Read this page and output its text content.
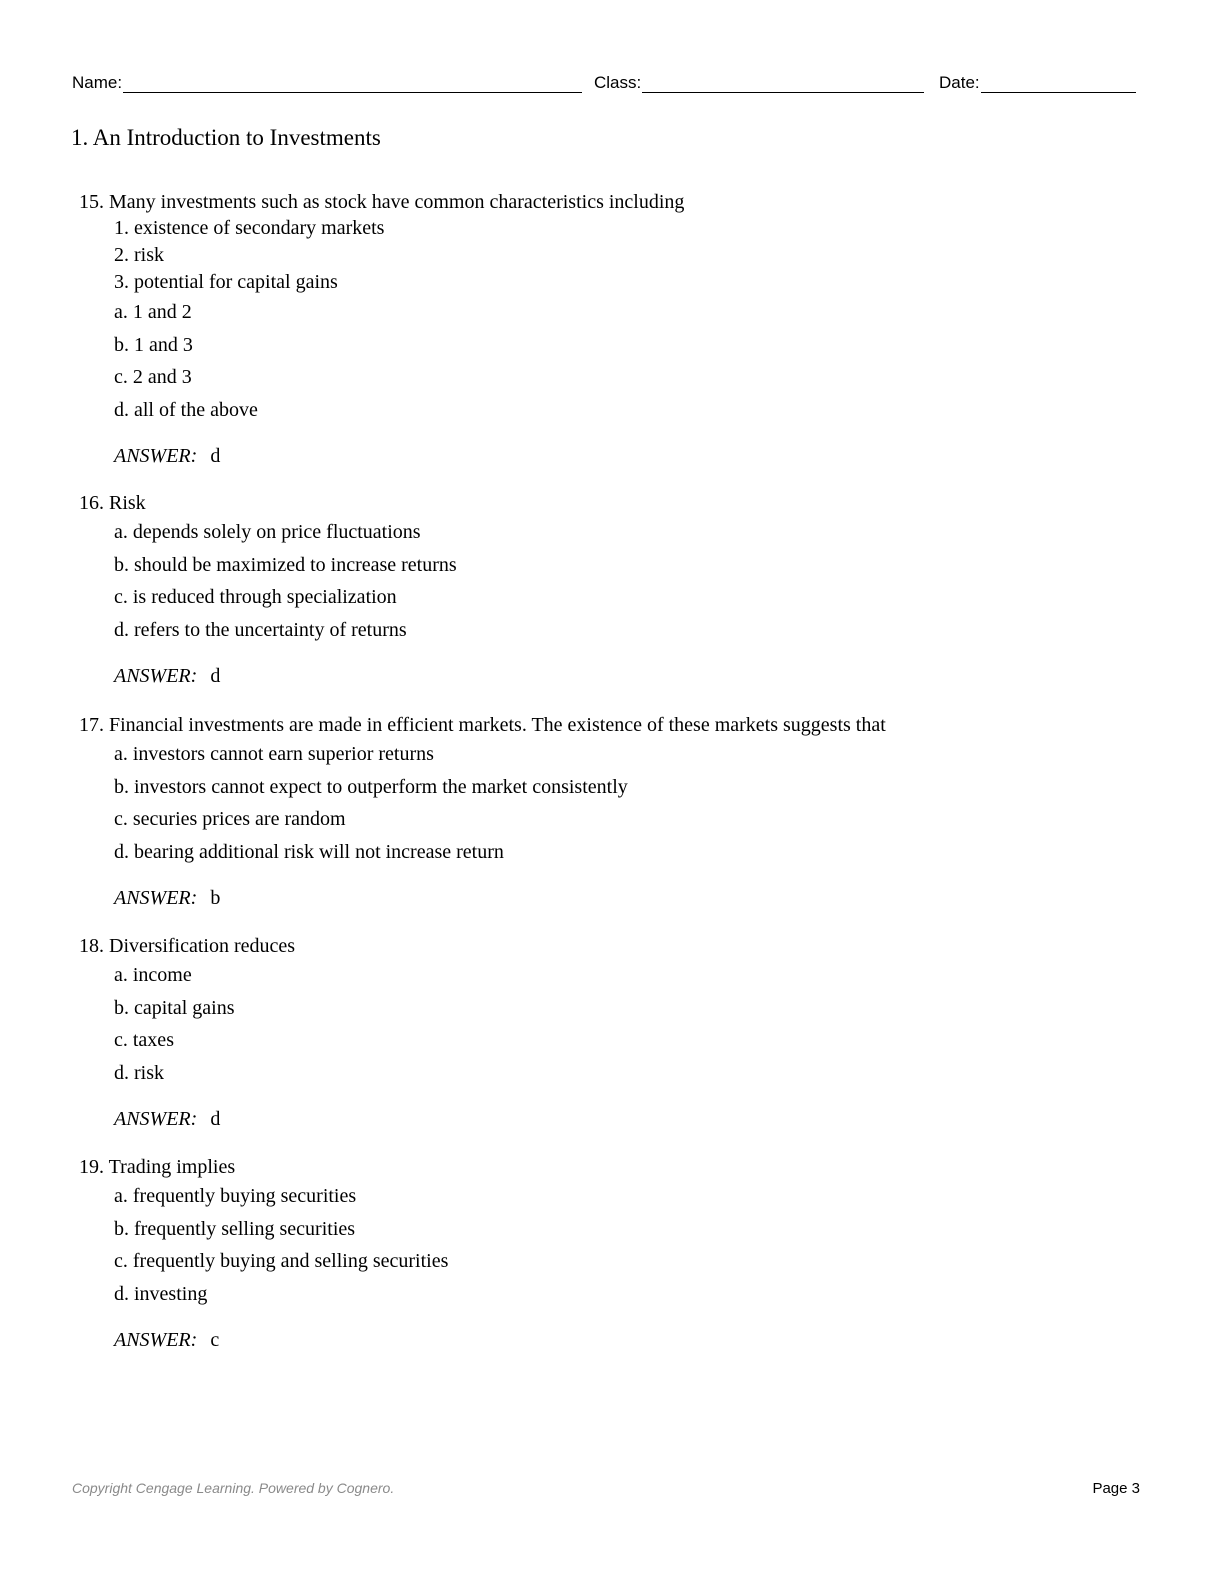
Name:	Class:	Date:
1. An Introduction to Investments
15. Many investments such as stock have common characteristics including
1. existence of secondary markets
2. risk
3. potential for capital gains
a. 1 and 2
b. 1 and 3
c. 2 and 3
d. all of the above
ANSWER: d
16. Risk
a. depends solely on price fluctuations
b. should be maximized to increase returns
c. is reduced through specialization
d. refers to the uncertainty of returns
ANSWER: d
17. Financial investments are made in efficient markets. The existence of these markets suggests that
a. investors cannot earn superior returns
b. investors cannot expect to outperform the market consistently
c. securies prices are random
d. bearing additional risk will not increase return
ANSWER: b
18. Diversification reduces
a. income
b. capital gains
c. taxes
d. risk
ANSWER: d
19. Trading implies
a. frequently buying securities
b. frequently selling securities
c. frequently buying and selling securities
d. investing
ANSWER: c
Copyright Cengage Learning. Powered by Cognero.	Page 3
